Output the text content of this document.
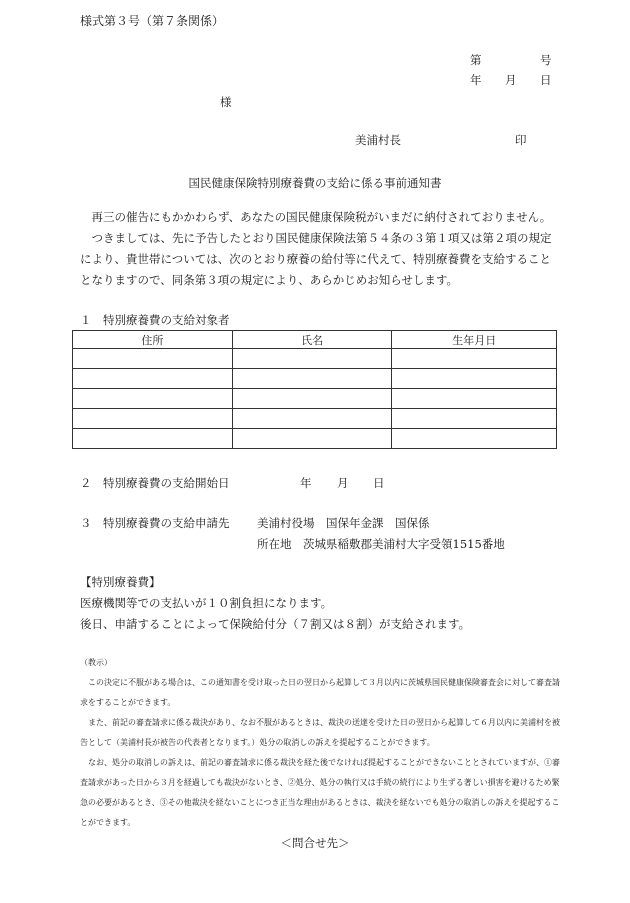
様式第３号（第７条関係）
第	号
年 月 日
様
美浦村長	印
国民健康保険特別療養費の支給に係る事前通知書

再三の催告にもかかわらず、あなたの国民健康保険税がいまだに納付されておりません。

つきましては、先に予告したとおり国民健康保険法第５４条の３第１項又は第２項の規定により、貴世帯については、次のとおり療養の給付等に代えて、特別療養費を支給することとなりますので、同条第３項の規定により、あらかじめお知らせします。

１　特別療養費の支給対象者
住所	氏名	生年月日

２　特別療養費の支給開始日	年 月 日
３　特別療養費の支給申請先 美浦村役場　国保年金課　国保係
所在地　茨城県稲敷郡美浦村大字受領1515番地
【特別療養費】
医療機関等での支払いが１０割負担になります。
後日、申請することによって保険給付分（７割又は８割）が支給されます。

（教示）

この決定に不服がある場合は、この通知書を受け取った日の翌日から起算して３月以内に茨城県国民健康保険審査会に対して審査請求をすることができます。

また、前記の審査請求に係る裁決があり、なお不服があるときは、裁決の送達を受けた日の翌日から起算して６月以内に美浦村を被告として（美浦村長が被告の代表者となります。）処分の取消しの訴えを提起することができます。

なお、処分の取消しの訴えは、前記の審査請求に係る裁決を経た後でなければ提起することができないこととされていますが、①審査請求があった日から３月を経過しても裁決がないとき、②処分、処分の執行又は手続の続行により生ずる著しい損害を避けるため緊急の必要があるとき、③その他裁決を経ないことにつき正当な理由があるときは、裁決を経ないでも処分の取消しの訴えを提起することができます。

＜問合せ先＞
